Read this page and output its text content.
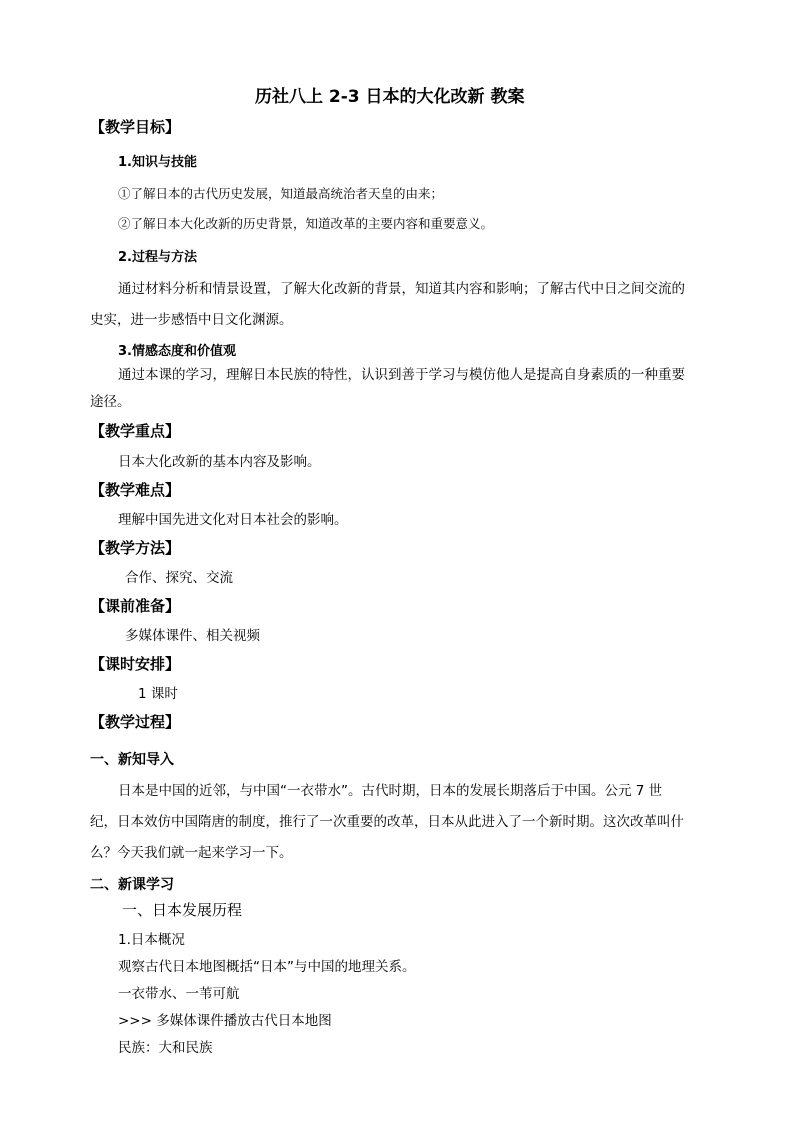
历社八上 2-3 日本的大化改新 教案
【教学目标】
1.知识与技能
①了解日本的古代历史发展，知道最高统治者天皇的由来；
②了解日本大化改新的历史背景，知道改革的主要内容和重要意义。
2.过程与方法
通过材料分析和情景设置，了解大化改新的背景，知道其内容和影响；了解古代中日之间交流的
史实，进一步感悟中日文化渊源。
3.情感态度和价值观
通过本课的学习，理解日本民族的特性，认识到善于学习与模仿他人是提高自身素质的一种重要
途径。
【教学重点】
日本大化改新的基本内容及影响。
【教学难点】
理解中国先进文化对日本社会的影响。
【教学方法】
合作、探究、交流
【课前准备】
多媒体课件、相关视频
【课时安排】
1 课时
【教学过程】
一、新知导入
日本是中国的近邻，与中国“一衣带水”。古代时期，日本的发展长期落后于中国。公元 7 世
纪，日本效仿中国隋唐的制度，推行了一次重要的改革，日本从此进入了一个新时期。这次改革叫什
么？今天我们就一起来学习一下。
二、新课学习
一、日本发展历程
1.日本概况
观察古代日本地图概括“日本”与中国的地理关系。
一衣带水、一苇可航
>>> 多媒体课件播放古代日本地图
民族：大和民族
